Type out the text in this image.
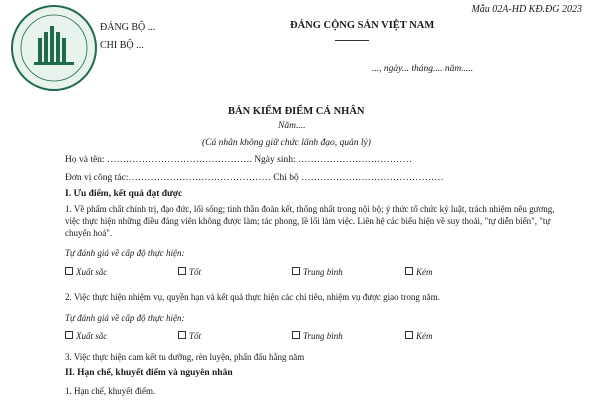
Mẫu 02A-HD KĐ.ĐG 2023
ĐẢNG BỘ ...
CHI BỘ ...
ĐẢNG CỘNG SẢN VIỆT NAM
..., ngày... tháng.... năm.....
BẢN KIỂM ĐIỂM CÁ NHÂN
Năm....
(Cá nhân không giữ chức lãnh đạo, quản lý)
Họ và tên: ………………………………………. Ngày sinh: ………………………………
Đơn vị công tác:……………………………………… Chi bộ ………………………………………
I. Ưu điểm, kết quả đạt được
1. Về phẩm chất chính trị, đạo đức, lối sống; tinh thần đoàn kết, thống nhất trong nội bộ; ý thức tổ chức kỷ luật, trách nhiệm nêu gương, việc thực hiện những điều đảng viên không được làm; tác phong, lề lối làm việc. Liên hệ các biểu hiện về suy thoái, "tự diễn biến", "tự chuyển hoá".
Tự đánh giá về cấp độ thực hiện:
Xuất sắc	Tốt	Trung bình	Kém
2. Việc thực hiện nhiệm vụ, quyền hạn và kết quả thực hiện các chỉ tiêu, nhiệm vụ được giao trong năm.
Tự đánh giá về cấp độ thực hiện:
Xuất sắc	Tốt	Trung bình	Kém
3. Việc thực hiện cam kết tu dưỡng, rèn luyện, phấn đấu hằng năm
II. Hạn chế, khuyết điểm và nguyên nhân
1. Hạn chế, khuyết điểm.
